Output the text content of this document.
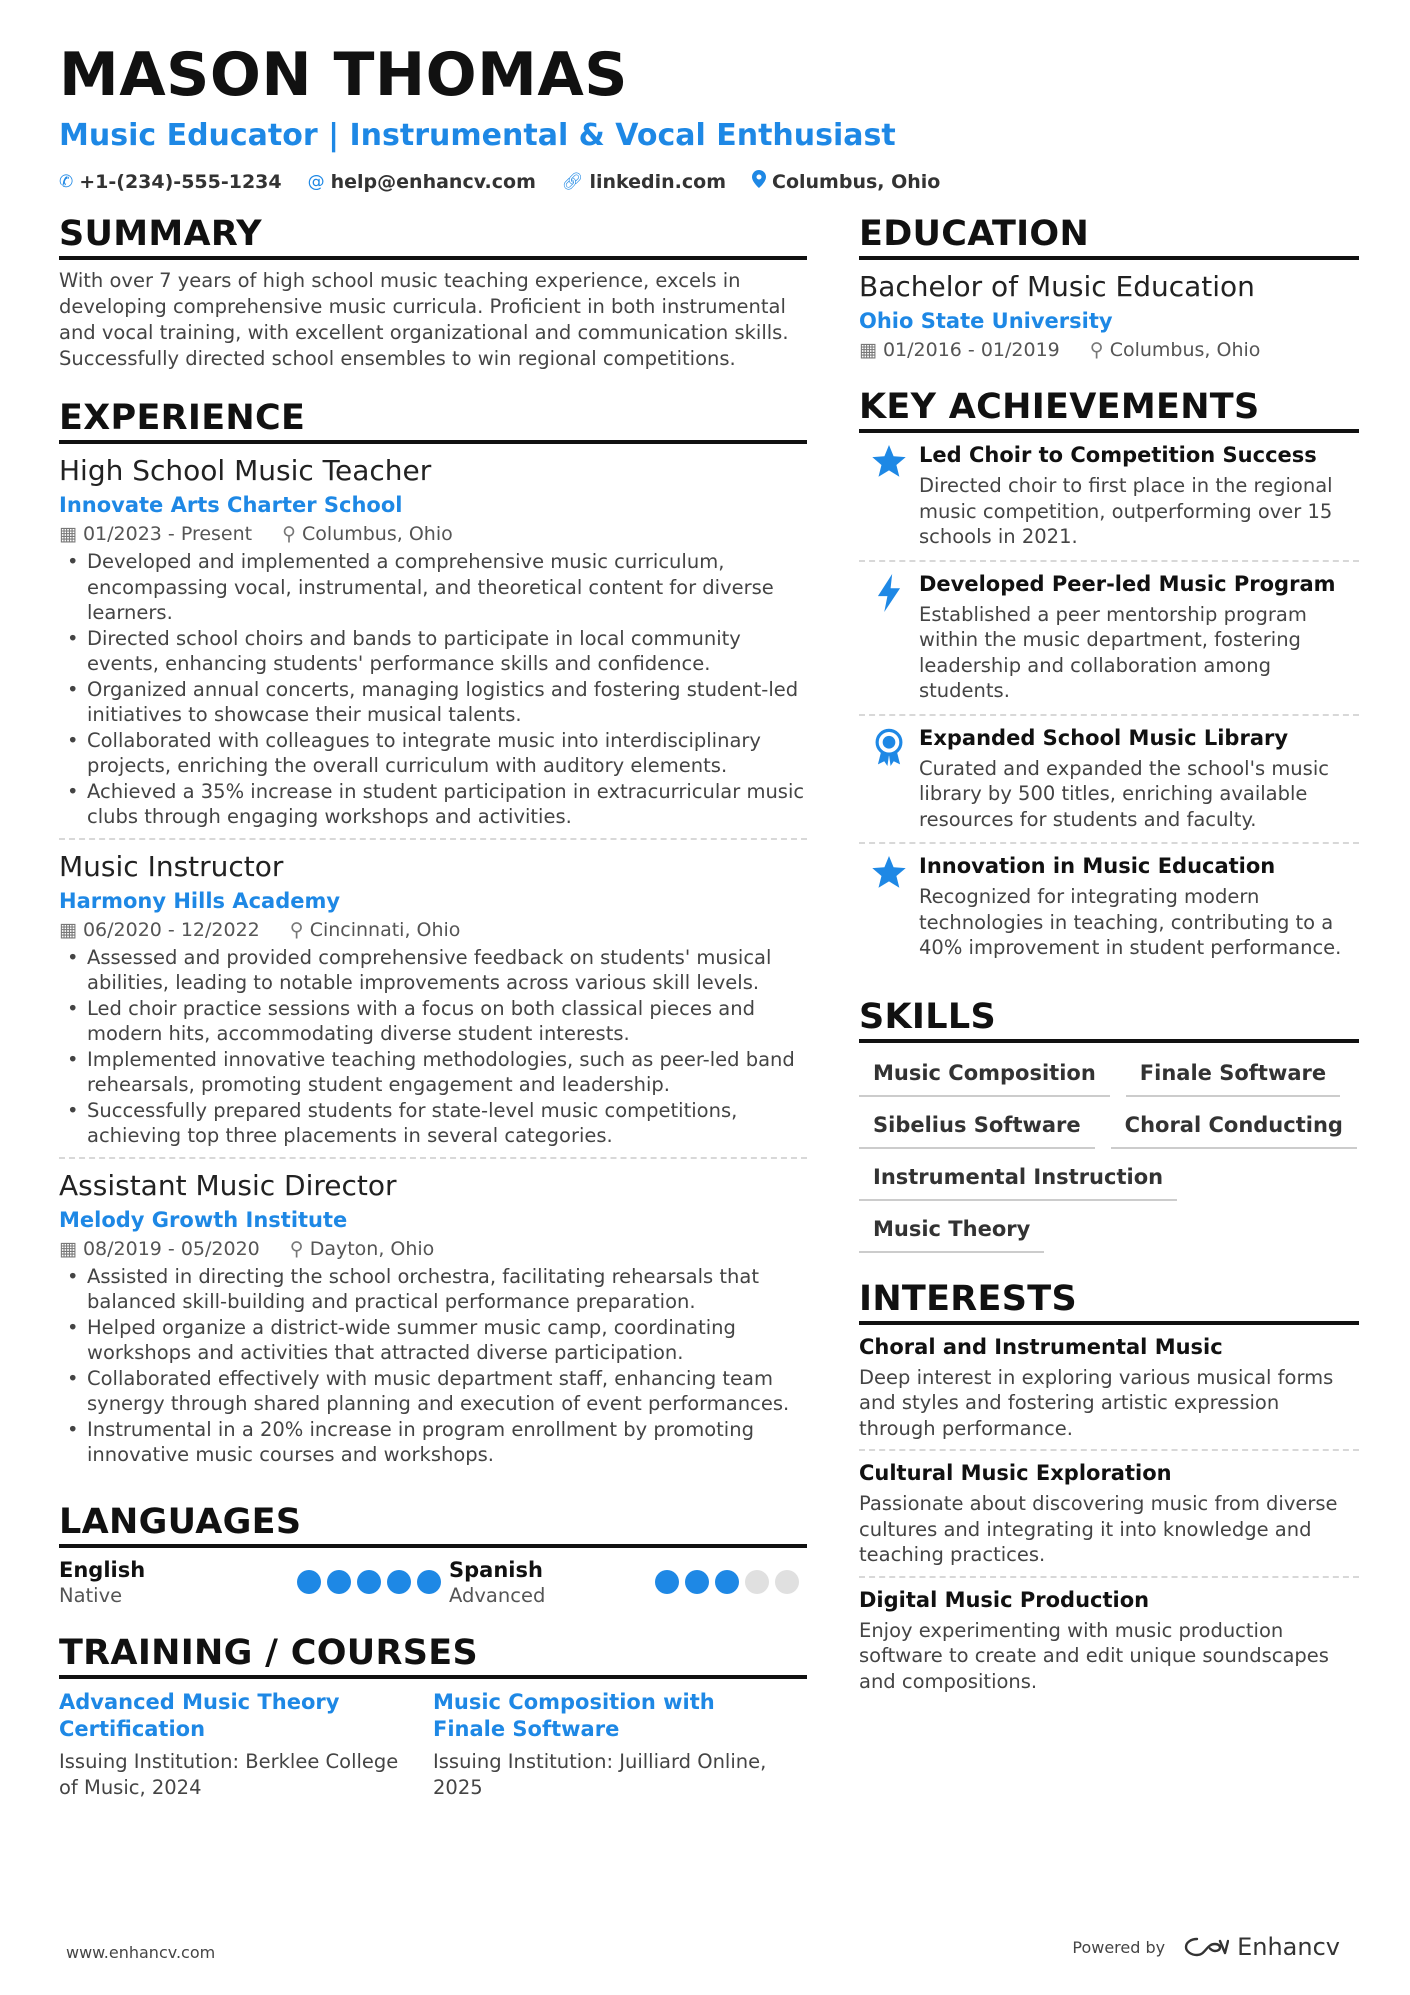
MASON THOMAS
Music Educator | Instrumental & Vocal Enthusiast
✆ +1-(234)-555-1234 @ help@enhancv.com 🔗︎ linkedin.com Columbus, Ohio
SUMMARY
With over 7 years of high school music teaching experience, excels in developing comprehensive music curricula. Proficient in both instrumental and vocal training, with excellent organizational and communication skills. Successfully directed school ensembles to win regional competitions.
EXPERIENCE
High School Music Teacher
Innovate Arts Charter School
▦ 01/2023 - Present ⚲ Columbus, Ohio
• Developed and implemented a comprehensive music curriculum, encompassing vocal, instrumental, and theoretical content for diverse learners.
• Directed school choirs and bands to participate in local community events, enhancing students' performance skills and confidence.
• Organized annual concerts, managing logistics and fostering student-led initiatives to showcase their musical talents.
• Collaborated with colleagues to integrate music into interdisciplinary projects, enriching the overall curriculum with auditory elements.
• Achieved a 35% increase in student participation in extracurricular music clubs through engaging workshops and activities.
Music Instructor
Harmony Hills Academy
▦ 06/2020 - 12/2022 ⚲ Cincinnati, Ohio
• Assessed and provided comprehensive feedback on students' musical abilities, leading to notable improvements across various skill levels.
• Led choir practice sessions with a focus on both classical pieces and modern hits, accommodating diverse student interests.
• Implemented innovative teaching methodologies, such as peer-led band rehearsals, promoting student engagement and leadership.
• Successfully prepared students for state-level music competitions, achieving top three placements in several categories.
Assistant Music Director
Melody Growth Institute
▦ 08/2019 - 05/2020 ⚲ Dayton, Ohio
• Assisted in directing the school orchestra, facilitating rehearsals that balanced skill-building and practical performance preparation.
• Helped organize a district-wide summer music camp, coordinating workshops and activities that attracted diverse participation.
• Collaborated effectively with music department staff, enhancing team synergy through shared planning and execution of event performances.
• Instrumental in a 20% increase in program enrollment by promoting innovative music courses and workshops.
LANGUAGES
English
Native
Spanish
Advanced
TRAINING / COURSES
Advanced Music Theory Certification
Issuing Institution: Berklee College of Music, 2024
Music Composition with Finale Software
Issuing Institution: Juilliard Online, 2025
EDUCATION
Bachelor of Music Education
Ohio State University
▦ 01/2016 - 01/2019 ⚲ Columbus, Ohio
KEY ACHIEVEMENTS
Led Choir to Competition Success
Directed choir to first place in the regional music competition, outperforming over 15 schools in 2021.
Developed Peer-led Music Program
Established a peer mentorship program within the music department, fostering leadership and collaboration among students.
Expanded School Music Library
Curated and expanded the school's music library by 500 titles, enriching available resources for students and faculty.
Innovation in Music Education
Recognized for integrating modern technologies in teaching, contributing to a 40% improvement in student performance.
SKILLS
Music Composition	Finale Software
Sibelius Software	Choral Conducting
Instrumental Instruction
Music Theory
INTERESTS
Choral and Instrumental Music
Deep interest in exploring various musical forms and styles and fostering artistic expression through performance.
Cultural Music Exploration
Passionate about discovering music from diverse cultures and integrating it into knowledge and teaching practices.
Digital Music Production
Enjoy experimenting with music production software to create and edit unique soundscapes and compositions.
www.enhancv.com	Powered by	Enhancv
